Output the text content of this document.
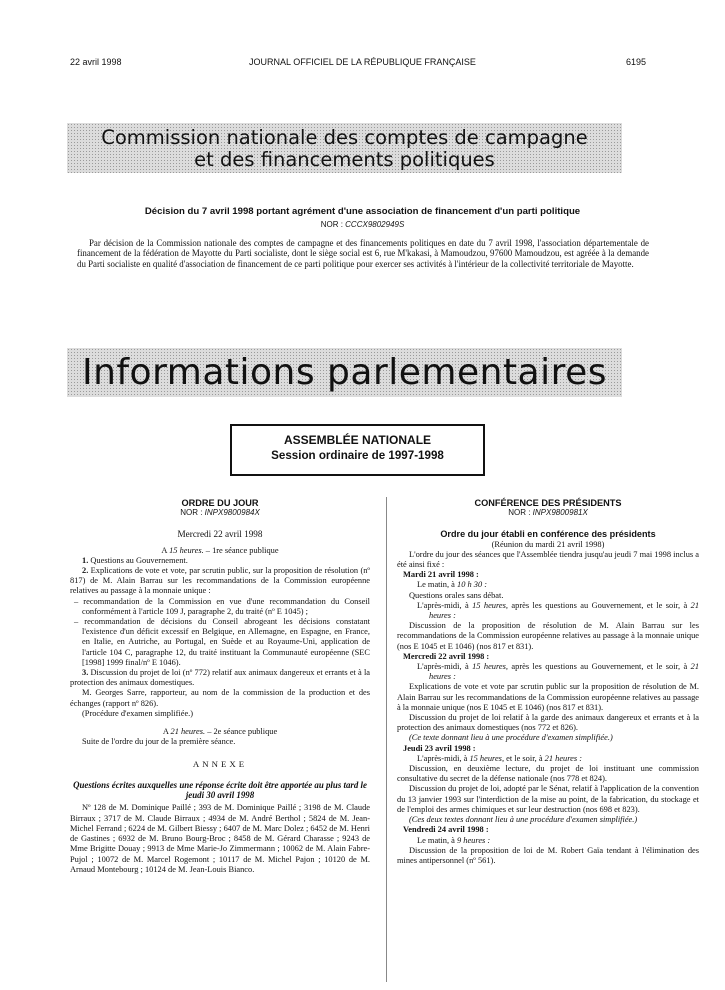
22 avril 1998	JOURNAL OFFICIEL DE LA RÉPUBLIQUE FRANÇAISE	6195
Commission nationale des comptes de campagne
et des financements politiques
Décision du 7 avril 1998 portant agrément d'une association de financement d'un parti politique
NOR : CCCX9802949S
Par décision de la Commission nationale des comptes de campagne et des financements politiques en date du 7 avril 1998, l'association départementale de financement de la fédération de Mayotte du Parti socialiste, dont le siège social est 6, rue M'kakasi, à Mamoudzou, 97600 Mamoudzou, est agréée à la demande du Parti socialiste en qualité d'association de financement de ce parti politique pour exercer ses activités à l'intérieur de la collectivité territoriale de Mayotte.
Informations parlementaires
ASSEMBLÉE NATIONALE
Session ordinaire de 1997-1998
ORDRE DU JOUR
NOR : INPX9800984X
Mercredi 22 avril 1998
A 15 heures. – 1re séance publique

1. Questions au Gouvernement.

2. Explications de vote et vote, par scrutin public, sur la proposition de résolution (nº 817) de M. Alain Barrau sur les recommandations de la Commission européenne relatives au passage à la monnaie unique :

– recommandation de la Commission en vue d'une recommandation du Conseil conformément à l'article 109 J, paragraphe 2, du traité (nº E 1045) ;

– recommandation de décisions du Conseil abrogeant les décisions constatant l'existence d'un déficit excessif en Belgique, en Allemagne, en Espagne, en France, en Italie, en Autriche, au Portugal, en Suède et au Royaume-Uni, application de l'article 104 C, paragraphe 12, du traité instituant la Communauté européenne (SEC [1998] 1999 final/nº E 1046).

3. Discussion du projet de loi (nº 772) relatif aux animaux dangereux et errants et à la protection des animaux domestiques.

M. Georges Sarre, rapporteur, au nom de la commission de la production et des échanges (rapport nº 826).

(Procédure d'examen simplifiée.)

A 21 heures. – 2e séance publique

Suite de l'ordre du jour de la première séance.

ANNEXE
Questions écrites auxquelles une réponse écrite doit être apportée au plus tard le jeudi 30 avril 1998

Nº 128 de M. Dominique Paillé ; 393 de M. Dominique Paillé ; 3198 de M. Claude Birraux ; 3717 de M. Claude Birraux ; 4934 de M. André Berthol ; 5824 de M. Jean-Michel Ferrand ; 6224 de M. Gilbert Biessy ; 6407 de M. Marc Dolez ; 6452 de M. Henri de Gastines ; 6932 de M. Bruno Bourg-Broc ; 8458 de M. Gérard Charasse ; 9243 de Mme Brigitte Douay ; 9913 de Mme Marie-Jo Zimmermann ; 10062 de M. Alain Fabre-Pujol ; 10072 de M. Marcel Rogemont ; 10117 de M. Michel Pajon ; 10120 de M. Arnaud Montebourg ; 10124 de M. Jean-Louis Bianco.

CONFÉRENCE DES PRÉSIDENTS
NOR : INPX9800981X
Ordre du jour établi en conférence des présidents
(Réunion du mardi 21 avril 1998)

L'ordre du jour des séances que l'Assemblée tiendra jusqu'au jeudi 7 mai 1998 inclus a été ainsi fixé :

Mardi 21 avril 1998 :

Le matin, à 10 h 30 :

Questions orales sans débat.

L'après-midi, à 15 heures, après les questions au Gouvernement, et le soir, à 21 heures :

Discussion de la proposition de résolution de M. Alain Barrau sur les recommandations de la Commission européenne relatives au passage à la monnaie unique (nos E 1045 et E 1046) (nos 817 et 831).

Mercredi 22 avril 1998 :

L'après-midi, à 15 heures, après les questions au Gouvernement, et le soir, à 21 heures :

Explications de vote et vote par scrutin public sur la proposition de résolution de M. Alain Barrau sur les recommandations de la Commission européenne relatives au passage à la monnaie unique (nos E 1045 et E 1046) (nos 817 et 831).

Discussion du projet de loi relatif à la garde des animaux dangereux et errants et à la protection des animaux domestiques (nos 772 et 826).

(Ce texte donnant lieu à une procédure d'examen simplifiée.)

Jeudi 23 avril 1998 :

L'après-midi, à 15 heures, et le soir, à 21 heures :

Discussion, en deuxième lecture, du projet de loi instituant une commission consultative du secret de la défense nationale (nos 778 et 824).

Discussion du projet de loi, adopté par le Sénat, relatif à l'application de la convention du 13 janvier 1993 sur l'interdiction de la mise au point, de la fabrication, du stockage et de l'emploi des armes chimiques et sur leur destruction (nos 698 et 823).

(Ces deux textes donnant lieu à une procédure d'examen simplifiée.)

Vendredi 24 avril 1998 :

Le matin, à 9 heures :

Discussion de la proposition de loi de M. Robert Gaïa tendant à l'élimination des mines antipersonnel (nº 561).
